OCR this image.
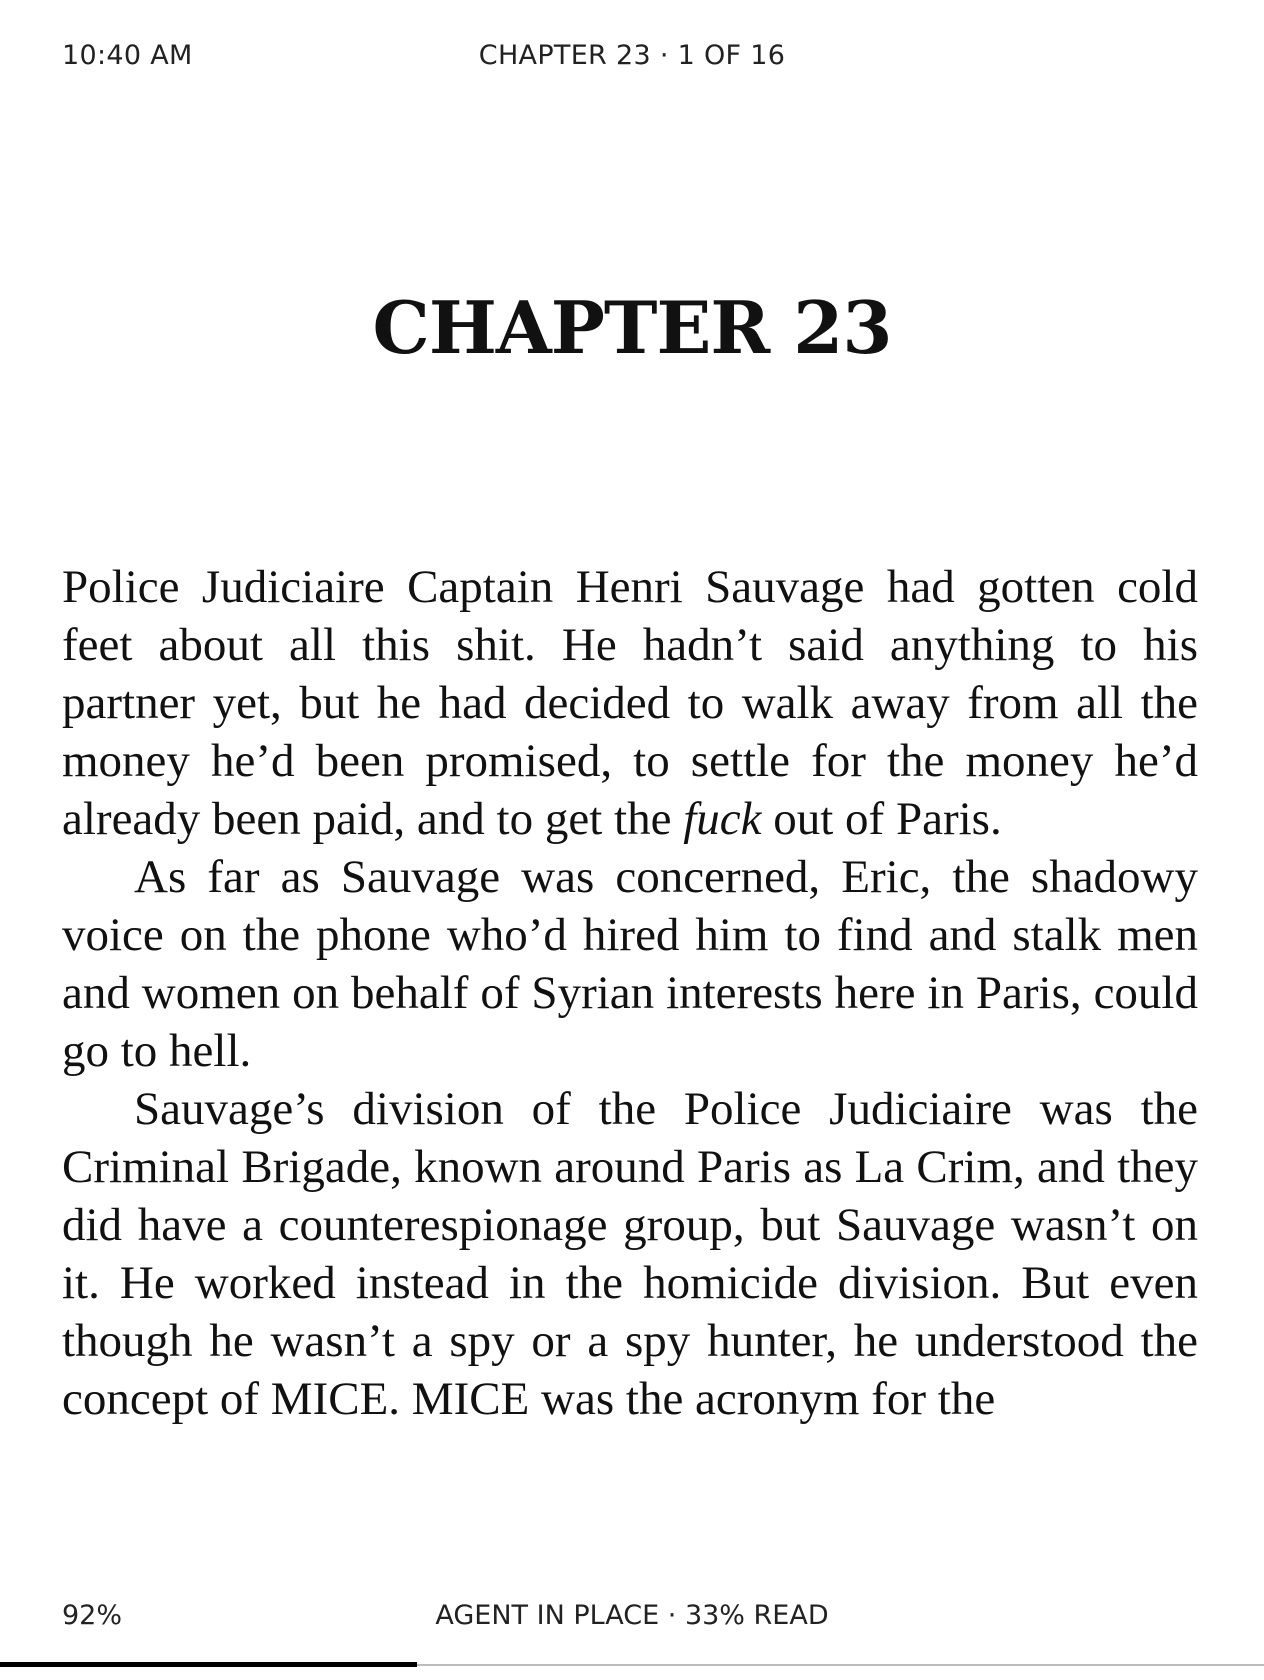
10:40 AM	CHAPTER 23 · 1 OF 16
CHAPTER 23

Police Judiciaire Captain Henri Sauvage had gotten cold feet about all this shit. He hadn’t said anything to his partner yet, but he had decided to walk away from all the money he’d been promised, to settle for the money he’d already been paid, and to get the fuck out of Paris.

As far as Sauvage was concerned, Eric, the shadowy voice on the phone who’d hired him to find and stalk men and women on behalf of Syrian interests here in Paris, could go to hell.

Sauvage’s division of the Police Judiciaire was the Criminal Brigade, known around Paris as La Crim, and they did have a counterespionage group, but Sauvage wasn’t on it. He worked instead in the homicide division. But even though he wasn’t a spy or a spy hunter, he understood the concept of MICE. MICE was the acronym for the

92%	AGENT IN PLACE · 33% READ
